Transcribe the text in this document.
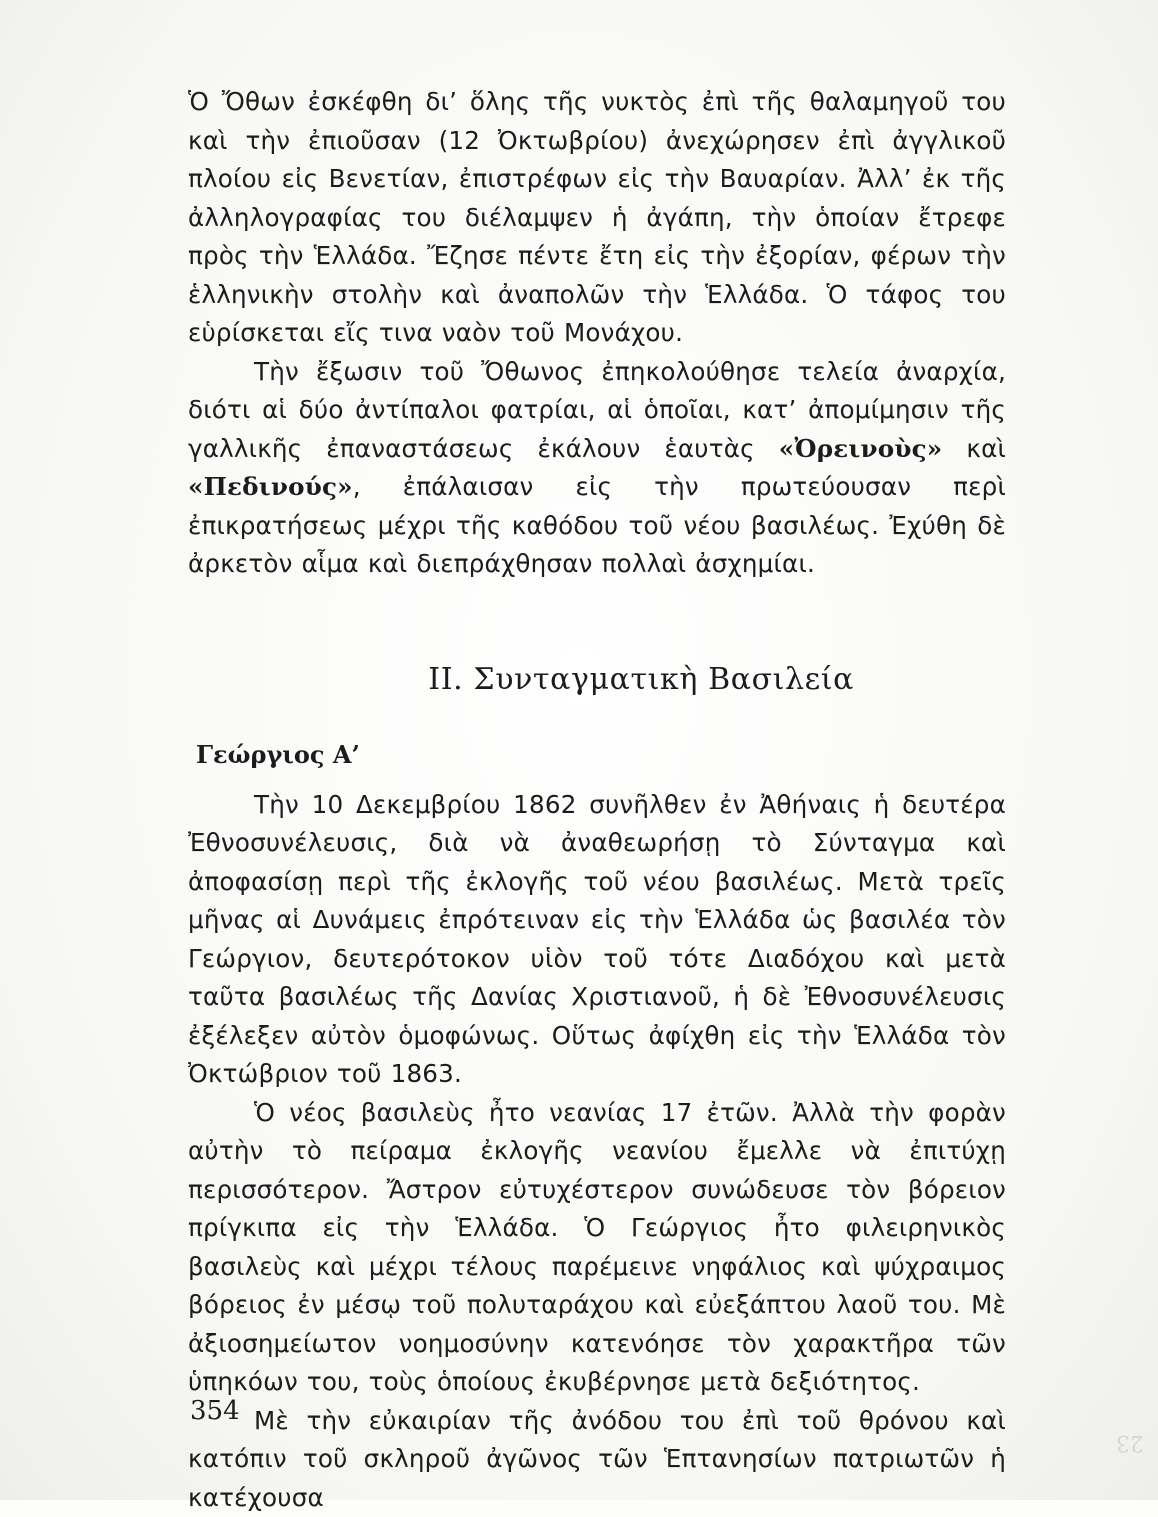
Ὁ Ὄθων ἐσκέφθη δι’ ὅλης τῆς νυκτὸς ἐπὶ τῆς θαλαμηγοῦ του καὶ τὴν ἐπιοῦσαν (12 Ὀκτωβρίου) ἀνεχώρησεν ἐπὶ ἀγγλικοῦ πλοίου εἰς Βενετίαν, ἐπιστρέφων εἰς τὴν Βαυαρίαν. Ἀλλ’ ἐκ τῆς ἀλληλογραφίας του διέλαμψεν ἡ ἀγάπη, τὴν ὁποίαν ἔτρεφε πρὸς τὴν Ἑλλάδα. Ἔζησε πέντε ἔτη εἰς τὴν ἐξορίαν, φέρων τὴν ἑλληνικὴν στολὴν καὶ ἀναπολῶν τὴν Ἑλλάδα. Ὁ τάφος του εὑρίσκεται εἴς τινα ναὸν τοῦ Μονάχου.

Τὴν ἔξωσιν τοῦ Ὄθωνος ἐπηκολούθησε τελεία ἀναρχία, διότι αἱ δύο ἀντίπαλοι φατρίαι, αἱ ὁποῖαι, κατ’ ἀπομίμησιν τῆς γαλλικῆς ἐπαναστάσεως ἐκάλουν ἑαυτὰς «Ὀρεινοὺς» καὶ «Πεδινούς», ἐπάλαισαν εἰς τὴν πρωτεύουσαν περὶ ἐπικρατήσεως μέχρι τῆς καθόδου τοῦ νέου βασιλέως. Ἐχύθη δὲ ἀρκετὸν αἷμα καὶ διεπράχθησαν πολλαὶ ἀσχημίαι.

II. Συνταγματικὴ Βασιλεία
Γεώργιος Α’

Τὴν 10 Δεκεμβρίου 1862 συνῆλθεν ἐν Ἀθήναις ἡ δευτέρα Ἐθνοσυνέλευσις, διὰ νὰ ἀναθεωρήσῃ τὸ Σύνταγμα καὶ ἀποφασίσῃ περὶ τῆς ἐκλογῆς τοῦ νέου βασιλέως. Μετὰ τρεῖς μῆνας αἱ Δυνάμεις ἐπρότειναν εἰς τὴν Ἑλλάδα ὡς βασιλέα τὸν Γεώργιον, δευτερότοκον υἱὸν τοῦ τότε Διαδόχου καὶ μετὰ ταῦτα βασιλέως τῆς Δανίας Χριστιανοῦ, ἡ δὲ Ἐθνοσυνέλευσις ἐξέλεξεν αὐτὸν ὁμοφώνως. Οὕτως ἀφίχθη εἰς τὴν Ἑλλάδα τὸν Ὀκτώβριον τοῦ 1863.

Ὁ νέος βασιλεὺς ἦτο νεανίας 17 ἐτῶν. Ἀλλὰ τὴν φορὰν αὐτὴν τὸ πείραμα ἐκλογῆς νεανίου ἔμελλε νὰ ἐπιτύχῃ περισσότερον. Ἄστρον εὐτυχέστερον συνώδευσε τὸν βόρειον πρίγκιπα εἰς τὴν Ἑλλάδα. Ὁ Γεώργιος ἦτο φιλειρηνικὸς βασιλεὺς καὶ μέχρι τέλους παρέμεινε νηφάλιος καὶ ψύχραιμος βόρειος ἐν μέσῳ τοῦ πολυταράχου καὶ εὐεξάπτου λαοῦ του. Μὲ ἀξιοσημείωτον νοημοσύνην κατενόησε τὸν χαρακτῆρα τῶν ὑπηκόων του, τοὺς ὁποίους ἐκυβέρνησε μετὰ δεξιότητος.

Μὲ τὴν εὐκαιρίαν τῆς ἀνόδου του ἐπὶ τοῦ θρόνου καὶ κατόπιν τοῦ σκληροῦ ἀγῶνος τῶν Ἑπτανησίων πατριωτῶν ἡ κατέχουσα

354
23
